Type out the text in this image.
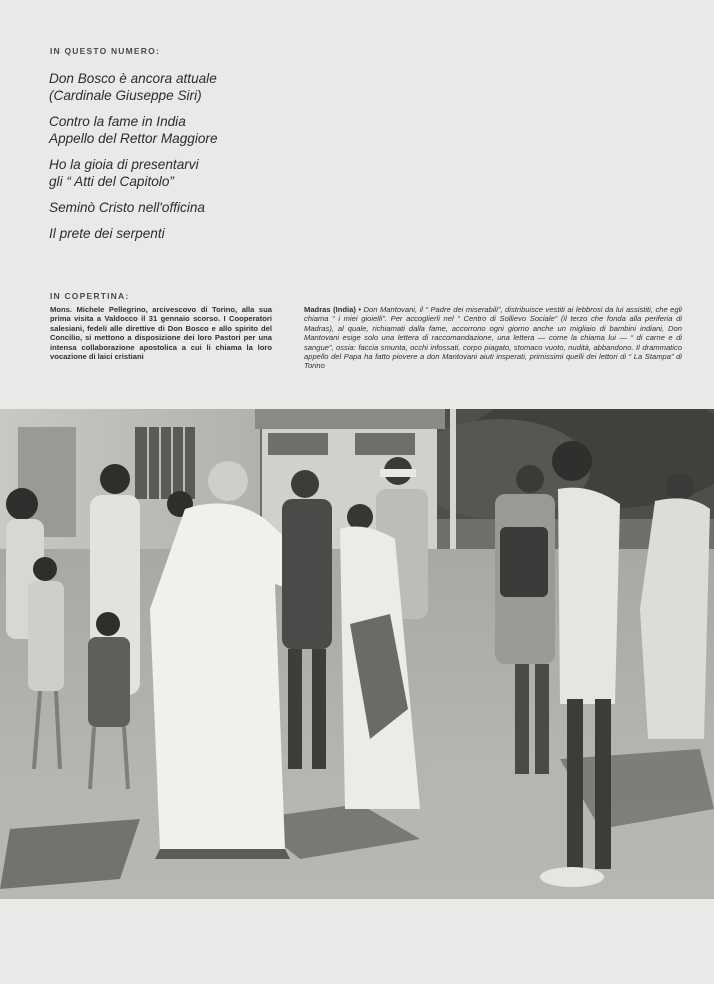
IN QUESTO NUMERO:
Don Bosco è ancora attuale
(Cardinale Giuseppe Siri)
Contro la fame in India
Appello del Rettor Maggiore
Ho la gioia di presentarvi
gli “ Atti del Capitolo”
Seminò Cristo nell'officina
Il prete dei serpenti
IN COPERTINA:
Mons. Michele Pellegrino, arcivescovo di Torino, alla sua prima visita a Valdocco il 31 gennaio scorso. I Cooperatori salesiani, fedeli alle direttive di Don Bosco e allo spirito del Concilio, si mettono a disposizione dei loro Pastori per una intensa collaborazione apostolica a cui li chiama la loro vocazione di laici cristiani
Madras (India) • Don Mantovani, il “ Padre dei miserabili”, distribuisce vestiti ai lebbrosi da lui assistiti, che egli chiama “ i miei gioielli”. Per accoglierli nel “ Centro di Sollievo Sociale” (il terzo che fonda alla periferia di Madras), al quale, richiamati dalla fame, accorrono ogni giorno anche un migliaio di bambini indiani, Don Mantovani esige solo una lettera di raccomandazione, una lettera — come la chiama lui — “ di carne e di sangue”, ossia: faccia smunta, occhi infossati, corpo piagato, stomaco vuoto, nudità, abbandono. Il drammatico appello del Papa ha fatto piovere a don Mantovani aiuti insperati, primissimi quelli dei lettori di “ La Stampa” di Torino
